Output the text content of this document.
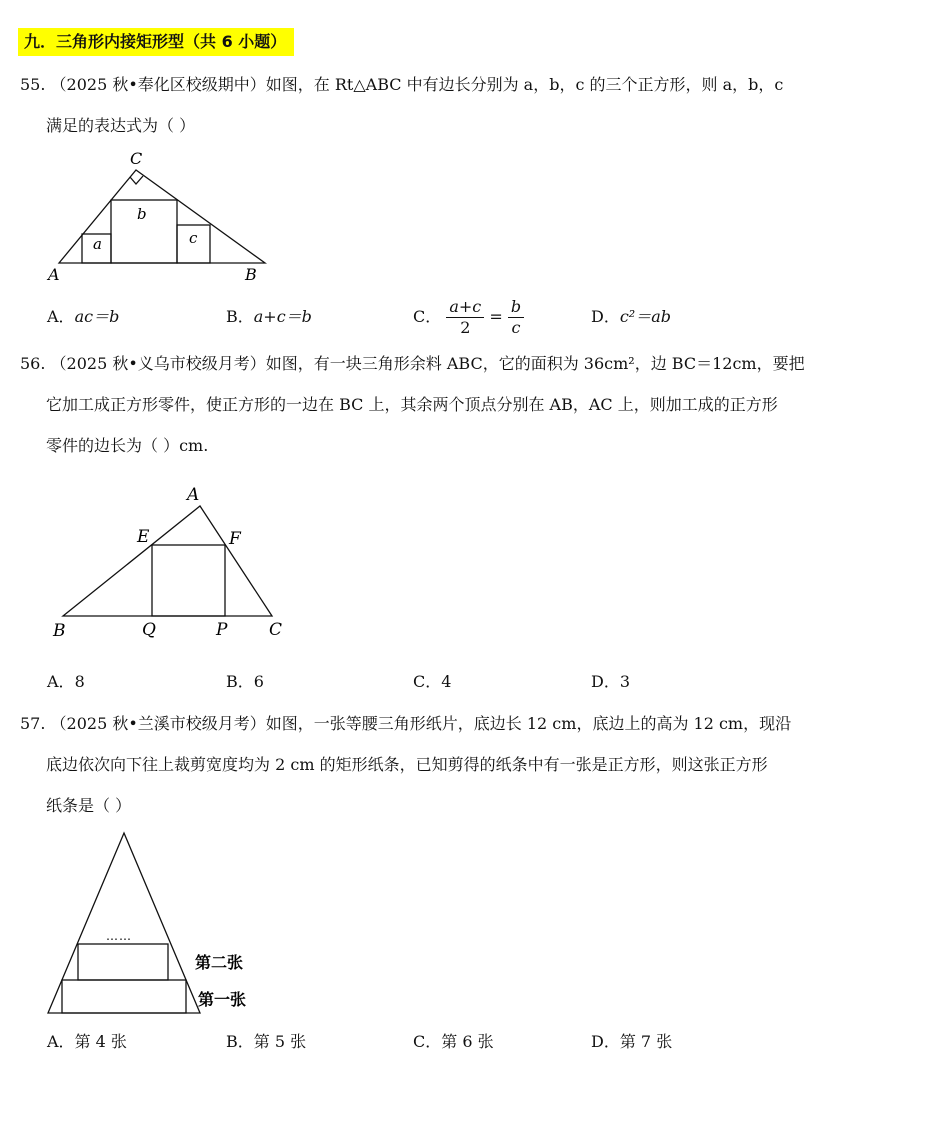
九．三角形内接矩形型（共 6 小题）
55. （2025 秋•奉化区校级期中）如图，在 Rt△ABC 中有边长分别为 a，b，c 的三个正方形，则 a，b，c
满足的表达式为（ ）
C
A	B
b
a	c
A．ac＝b	B．a+c＝b	C． $\frac{a+c}{2} = \frac{b}{c}$	D．c²＝ab
56. （2025 秋•义乌市校级月考）如图，有一块三角形余料 ABC，它的面积为 36cm²，边 BC＝12cm，要把
它加工成正方形零件，使正方形的一边在 BC 上，其余两个顶点分别在 AB，AC 上，则加工成的正方形
零件的边长为（ ）cm.
A
E	F
B	Q	P C
A．8	B．6	C．4	D．3
57. （2025 秋•兰溪市校级月考）如图，一张等腰三角形纸片，底边长 12 cm，底边上的高为 12 cm，现沿
底边依次向下往上裁剪宽度均为 2 cm 的矩形纸条，已知剪得的纸条中有一张是正方形，则这张正方形
纸条是（ ）
……
第二张
第一张
A．第 4 张	B．第 5 张	C．第 6 张	D．第 7 张
